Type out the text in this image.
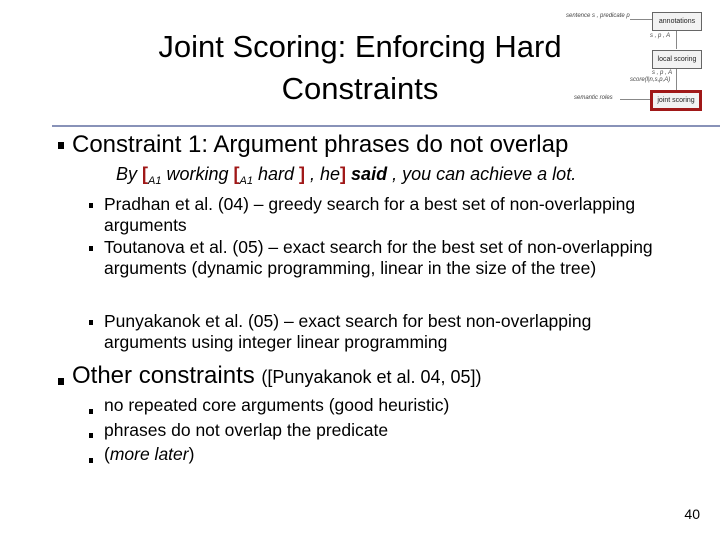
Joint Scoring: Enforcing Hard
Constraints
sentence s , predicate p
annotations
s , p , A
local scoring
s , p , A
score(l|n,s,p,A)
semantic roles	joint scoring
Constraint 1: Argument phrases do not overlap
By [$_{A1}$ working [$_{A1}$ hard ] , he] said , you can achieve a lot.
Pradhan et al. (04) – greedy search for a best set of non-overlapping arguments
Toutanova et al. (05) – exact search for the best set of non-overlapping arguments (dynamic programming, linear in the size of the tree)
Punyakanok et al. (05) – exact search for best non-overlapping arguments using integer linear programming
Other constraints ([Punyakanok et al. 04, 05])
no repeated core arguments (good heuristic)
phrases do not overlap the predicate
(more later)
40
